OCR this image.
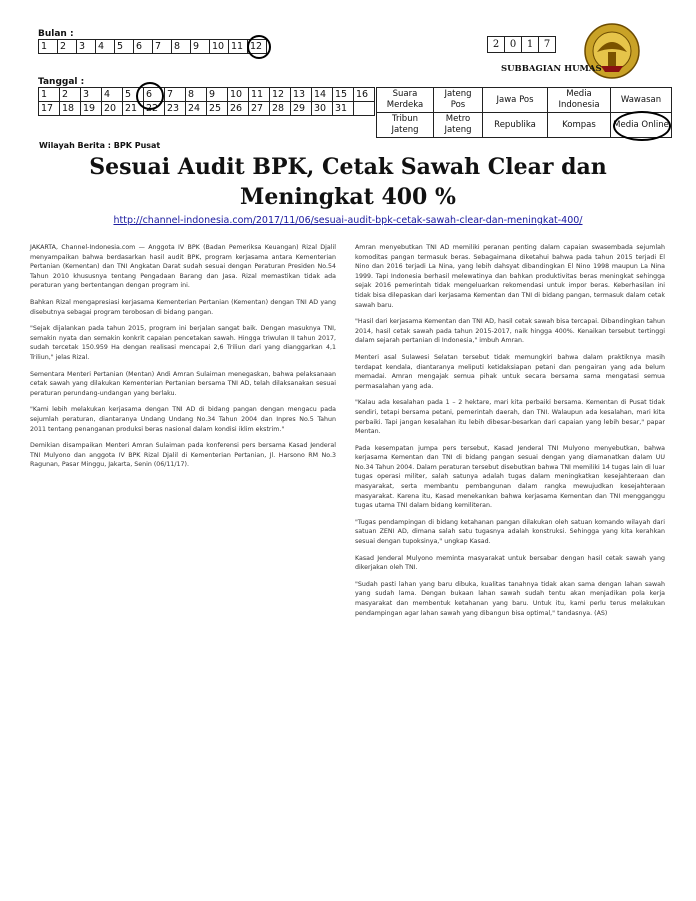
Bulan :
1	2	3	4	5	6	7	8	9	10	11	12
Tanggal :
1	2	3	4	5	6	7	8	9	10	11	12	13	14	15	16
17	18	19	20	21	22	23	24	25	26	27	28	29	30	31	
2	0	1	7
SUBBAGIAN HUMAS
Suara Merdeka	Jateng Pos	Jawa Pos	Media Indonesia	Wawasan
Tribun Jateng	Metro Jateng	Republika	Kompas	Media Online
Wilayah Berita : BPK Pusat
Sesuai Audit BPK, Cetak Sawah Clear dan
Meningkat 400 %
http://channel-indonesia.com/2017/11/06/sesuai-audit-bpk-cetak-sawah-clear-dan-meningkat-400/

JAKARTA, Channel-Indonesia.com — Anggota IV BPK (Badan Pemeriksa Keuangan) Rizal Djalil menyampaikan bahwa berdasarkan hasil audit BPK, program kerjasama antara Kementerian Pertanian (Kementan) dan TNI Angkatan Darat sudah sesuai dengan Peraturan Presiden No.54 Tahun 2010 khususnya tentang Pengadaan Barang dan Jasa. Rizal memastikan tidak ada peraturan yang bertentangan dengan program ini.

Bahkan Rizal mengapresiasi kerjasama Kementerian Pertanian (Kementan) dengan TNI AD yang disebutnya sebagai program terobosan di bidang pangan.

"Sejak dijalankan pada tahun 2015, program ini berjalan sangat baik. Dengan masuknya TNI, semakin nyata dan semakin konkrit capaian pencetakan sawah. Hingga triwulan II tahun 2017, sudah tercetak 150.959 Ha dengan realisasi mencapai 2,6 Triliun dari yang dianggarkan 4,1 Triliun," jelas Rizal.

Sementara Menteri Pertanian (Mentan) Andi Amran Sulaiman menegaskan, bahwa pelaksanaan cetak sawah yang dilakukan Kementerian Pertanian bersama TNI AD, telah dilaksanakan sesuai peraturan perundang-undangan yang berlaku.

"Kami lebih melakukan kerjasama dengan TNI AD di bidang pangan dengan mengacu pada sejumlah peraturan, diantaranya Undang Undang No.34 Tahun 2004 dan Inpres No.5 Tahun 2011 tentang penanganan produksi beras nasional dalam kondisi iklim ekstrim."

Demikian disampaikan Menteri Amran Sulaiman pada konferensi pers bersama Kasad Jenderal TNI Mulyono dan anggota IV BPK Rizal Djalil di Kementerian Pertanian, Jl. Harsono RM No.3 Ragunan, Pasar Minggu, Jakarta, Senin (06/11/17).

Amran menyebutkan TNI AD memiliki peranan penting dalam capaian swasembada sejumlah komoditas pangan termasuk beras. Sebagaimana diketahui bahwa pada tahun 2015 terjadi El Nino dan 2016 terjadi La Nina, yang lebih dahsyat dibandingkan El Nino 1998 maupun La Nina 1999. Tapi Indonesia berhasil melewatinya dan bahkan produktivitas beras meningkat sehingga sejak 2016 pemerintah tidak mengeluarkan rekomendasi untuk impor beras. Keberhasilan ini tidak bisa dilepaskan dari kerjasama Kementan dan TNI di bidang pangan, termasuk dalam cetak sawah baru.

"Hasil dari kerjasama Kementan dan TNI AD, hasil cetak sawah bisa tercapai. Dibandingkan tahun 2014, hasil cetak sawah pada tahun 2015-2017, naik hingga 400%. Kenaikan tersebut tertinggi dalam sejarah pertanian di Indonesia," imbuh Amran.

Menteri asal Sulawesi Selatan tersebut tidak memungkiri bahwa dalam praktiknya masih terdapat kendala, diantaranya meliputi ketidaksiapan petani dan pengairan yang ada belum memadai. Amran mengajak semua pihak untuk secara bersama sama mengatasi semua permasalahan yang ada.

"Kalau ada kesalahan pada 1 – 2 hektare, mari kita perbaiki bersama. Kementan di Pusat tidak sendiri, tetapi bersama petani, pemerintah daerah, dan TNI. Walaupun ada kesalahan, mari kita perbaiki. Tapi jangan kesalahan itu lebih dibesar-besarkan dari capaian yang lebih besar," papar Mentan.

Pada kesempatan jumpa pers tersebut, Kasad Jenderal TNI Mulyono menyebutkan, bahwa kerjasama Kementan dan TNI di bidang pangan sesuai dengan yang diamanatkan dalam UU No.34 Tahun 2004. Dalam peraturan tersebut disebutkan bahwa TNI memiliki 14 tugas lain di luar tugas operasi militer, salah satunya adalah tugas dalam meningkatkan kesejahteraan dan masyarakat, serta membantu pembangunan dalam rangka mewujudkan kesejahteraan masyarakat. Karena itu, Kasad menekankan bahwa kerjasama Kementan dan TNI mengganggu tugas utama TNI dalam bidang kemiliteran.

"Tugas pendampingan di bidang ketahanan pangan dilakukan oleh satuan komando wilayah dari satuan ZENI AD, dimana salah satu tugasnya adalah konstruksi. Sehingga yang kita kerahkan sesuai dengan tupoksinya," ungkap Kasad.

Kasad Jenderal Mulyono meminta masyarakat untuk bersabar dengan hasil cetak sawah yang dikerjakan oleh TNI.

"Sudah pasti lahan yang baru dibuka, kualitas tanahnya tidak akan sama dengan lahan sawah yang sudah lama. Dengan bukaan lahan sawah sudah tentu akan menjadikan pola kerja masyarakat dan membentuk ketahanan yang baru. Untuk itu, kami perlu terus melakukan pendampingan agar lahan sawah yang dibangun bisa optimal," tandasnya. (AS)
